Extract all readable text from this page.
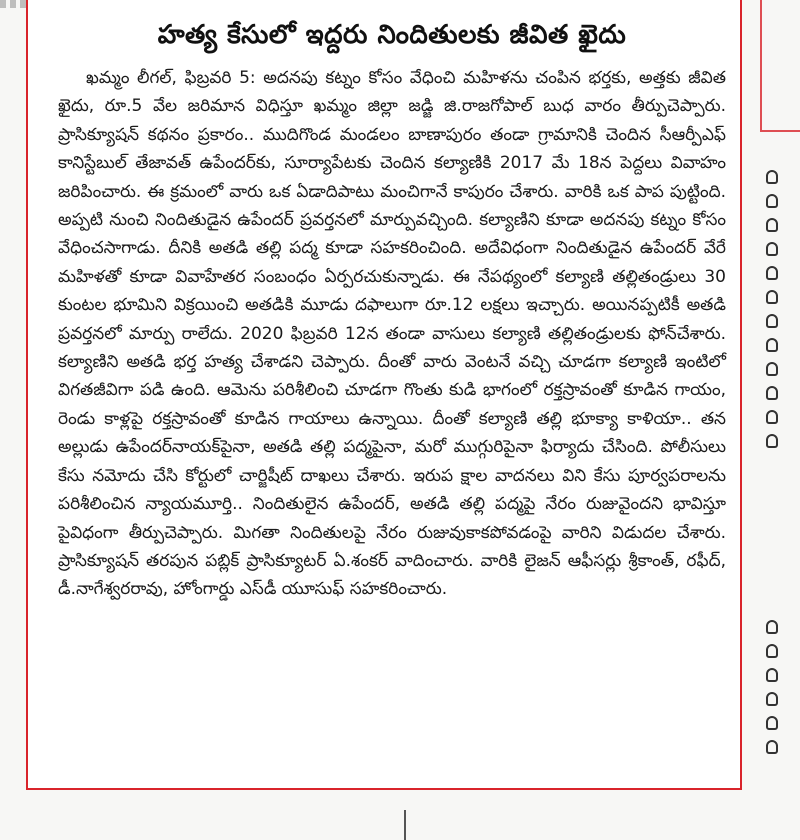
హత్య కేసులో ఇద్దరు నిందితులకు జీవిత ఖైదు

ఖమ్మం లీగల్, ఫిబ్రవరి 5: అదనపు కట్నం కోసం వేధించి మహిళను చంపిన భర్తకు, అత్తకు జీవిత ఖైదు, రూ.5 వేల జరిమాన విధిస్తూ ఖమ్మం జిల్లా జడ్జి జి.రాజగోపాల్ బుధ వారం తీర్పుచెప్పారు. ప్రాసిక్యూషన్ కథనం ప్రకారం.. ముదిగొండ మండలం బాణాపురం తండా గ్రామానికి చెందిన సీఆర్పీఎఫ్ కానిస్టేబుల్ తేజావత్ ఉపేందర్‌కు, సూర్యాపేటకు చెందిన కల్యాణికి 2017 మే 18న పెద్దలు వివాహం జరిపించారు. ఈ క్రమంలో వారు ఒక ఏడాదిపాటు మంచిగానే కాపురం చేశారు. వారికి ఒక పాప పుట్టింది. అప్పటి నుంచి నిందితుడైన ఉపేందర్ ప్రవర్తనలో మార్పువచ్చింది. కల్యాణిని కూడా అదనపు కట్నం కోసం వేధించసాగాడు. దీనికి అతడి తల్లి పద్మ కూడా సహకరించింది. అదేవిధంగా నిందితుడైన ఉపేందర్ వేరే మహిళతో కూడా వివాహేతర సంబంధం ఏర్పరచుకున్నాడు. ఈ నేపథ్యంలో కల్యాణి తల్లితండ్రులు 30 కుంటల భూమిని విక్రయించి అతడికి మూడు దఫాలుగా రూ.12 లక్షలు ఇచ్చారు. అయినప్పటికీ అతడి ప్రవర్తనలో మార్పు రాలేదు. 2020 ఫిబ్రవరి 12న తండా వాసులు కల్యాణి తల్లితండ్రులకు ఫోన్‌చేశారు. కల్యాణిని అతడి భర్త హత్య చేశాడని చెప్పారు. దీంతో వారు వెంటనే వచ్చి చూడగా కల్యాణి ఇంటిలో విగతజీవిగా పడి ఉంది. ఆమెను పరిశీలించి చూడగా గొంతు కుడి భాగంలో రక్తస్రావంతో కూడిన గాయం, రెండు కాళ్లపై రక్తస్రావంతో కూడిన గాయాలు ఉన్నాయి. దీంతో కల్యాణి తల్లి భూక్యా కాళియా.. తన అల్లుడు ఉపేందర్‌నాయక్‌పైనా, అతడి తల్లి పద్మపైనా, మరో ముగ్గురిపైనా ఫిర్యాదు చేసింది. పోలీసులు కేసు నమోదు చేసి కోర్టులో చార్జిషీట్ దాఖలు చేశారు. ఇరుప క్షాల వాదనలు విని కేసు పూర్వపరాలను పరిశీలించిన న్యాయమూర్తి.. నిందితులైన ఉపేందర్, అతడి తల్లి పద్మపై నేరం రుజువైందని భావిస్తూ పైవిధంగా తీర్పుచెప్పారు. మిగతా నిందితులపై నేరం రుజువుకాకపోవడంపై వారిని విడుదల చేశారు. ప్రాసిక్యూషన్ తరపున పబ్లిక్ ప్రాసిక్యూటర్ ఏ.శంకర్ వాదించారు. వారికి లైజన్ ఆఫీసర్లు శ్రీకాంత్, రఫీద్, డీ.నాగేశ్వరరావు, హోంగార్డు ఎస్‌డీ యూసుఫ్ సహకరించారు.
